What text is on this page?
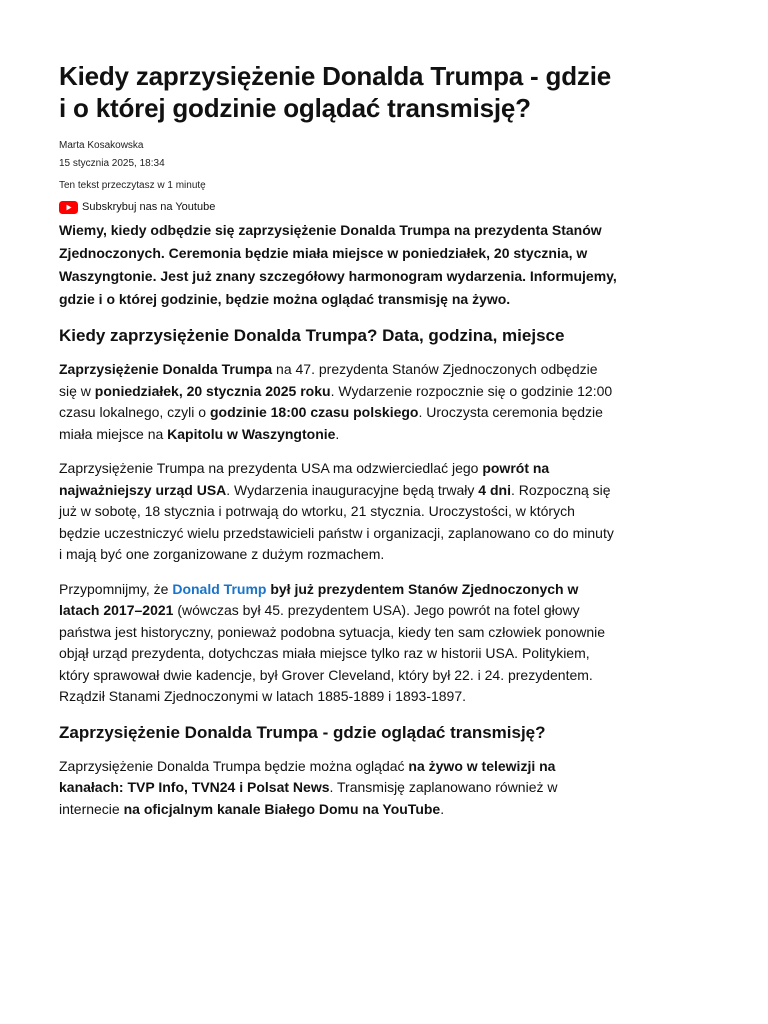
Kiedy zaprzysiężenie Donalda Trumpa - gdzie i o której godzinie oglądać transmisję?
Marta Kosakowska
15 stycznia 2025, 18:34
Ten tekst przeczytasz w 1 minutę
Subskrybuj nas na Youtube
Wiemy, kiedy odbędzie się zaprzysiężenie Donalda Trumpa na prezydenta Stanów Zjednoczonych. Ceremonia będzie miała miejsce w poniedziałek, 20 stycznia, w Waszyngtonie. Jest już znany szczegółowy harmonogram wydarzenia. Informujemy, gdzie i o której godzinie, będzie można oglądać transmisję na żywo.
Kiedy zaprzysiężenie Donalda Trumpa? Data, godzina, miejsce

Zaprzysiężenie Donalda Trumpa na 47. prezydenta Stanów Zjednoczonych odbędzie się w poniedziałek, 20 stycznia 2025 roku. Wydarzenie rozpocznie się o godzinie 12:00 czasu lokalnego, czyli o godzinie 18:00 czasu polskiego. Uroczysta ceremonia będzie miała miejsce na Kapitolu w Waszyngtonie.

Zaprzysiężenie Trumpa na prezydenta USA ma odzwierciedlać jego powrót na najważniejszy urząd USA. Wydarzenia inauguracyjne będą trwały 4 dni. Rozpoczną się już w sobotę, 18 stycznia i potrwają do wtorku, 21 stycznia. Uroczystości, w których będzie uczestniczyć wielu przedstawicieli państw i organizacji, zaplanowano co do minuty i mają być one zorganizowane z dużym rozmachem.

Przypomnijmy, że Donald Trump był już prezydentem Stanów Zjednoczonych w latach 2017–2021 (wówczas był 45. prezydentem USA). Jego powrót na fotel głowy państwa jest historyczny, ponieważ podobna sytuacja, kiedy ten sam człowiek ponownie objął urząd prezydenta, dotychczas miała miejsce tylko raz w historii USA. Politykiem, który sprawował dwie kadencje, był Grover Cleveland, który był 22. i 24. prezydentem. Rządził Stanami Zjednoczonymi w latach 1885-1889 i 1893-1897.

Zaprzysiężenie Donalda Trumpa - gdzie oglądać transmisję?

Zaprzysiężenie Donalda Trumpa będzie można oglądać na żywo w telewizji na kanałach: TVP Info, TVN24 i Polsat News. Transmisję zaplanowano również w internecie na oficjalnym kanale Białego Domu na YouTube.
